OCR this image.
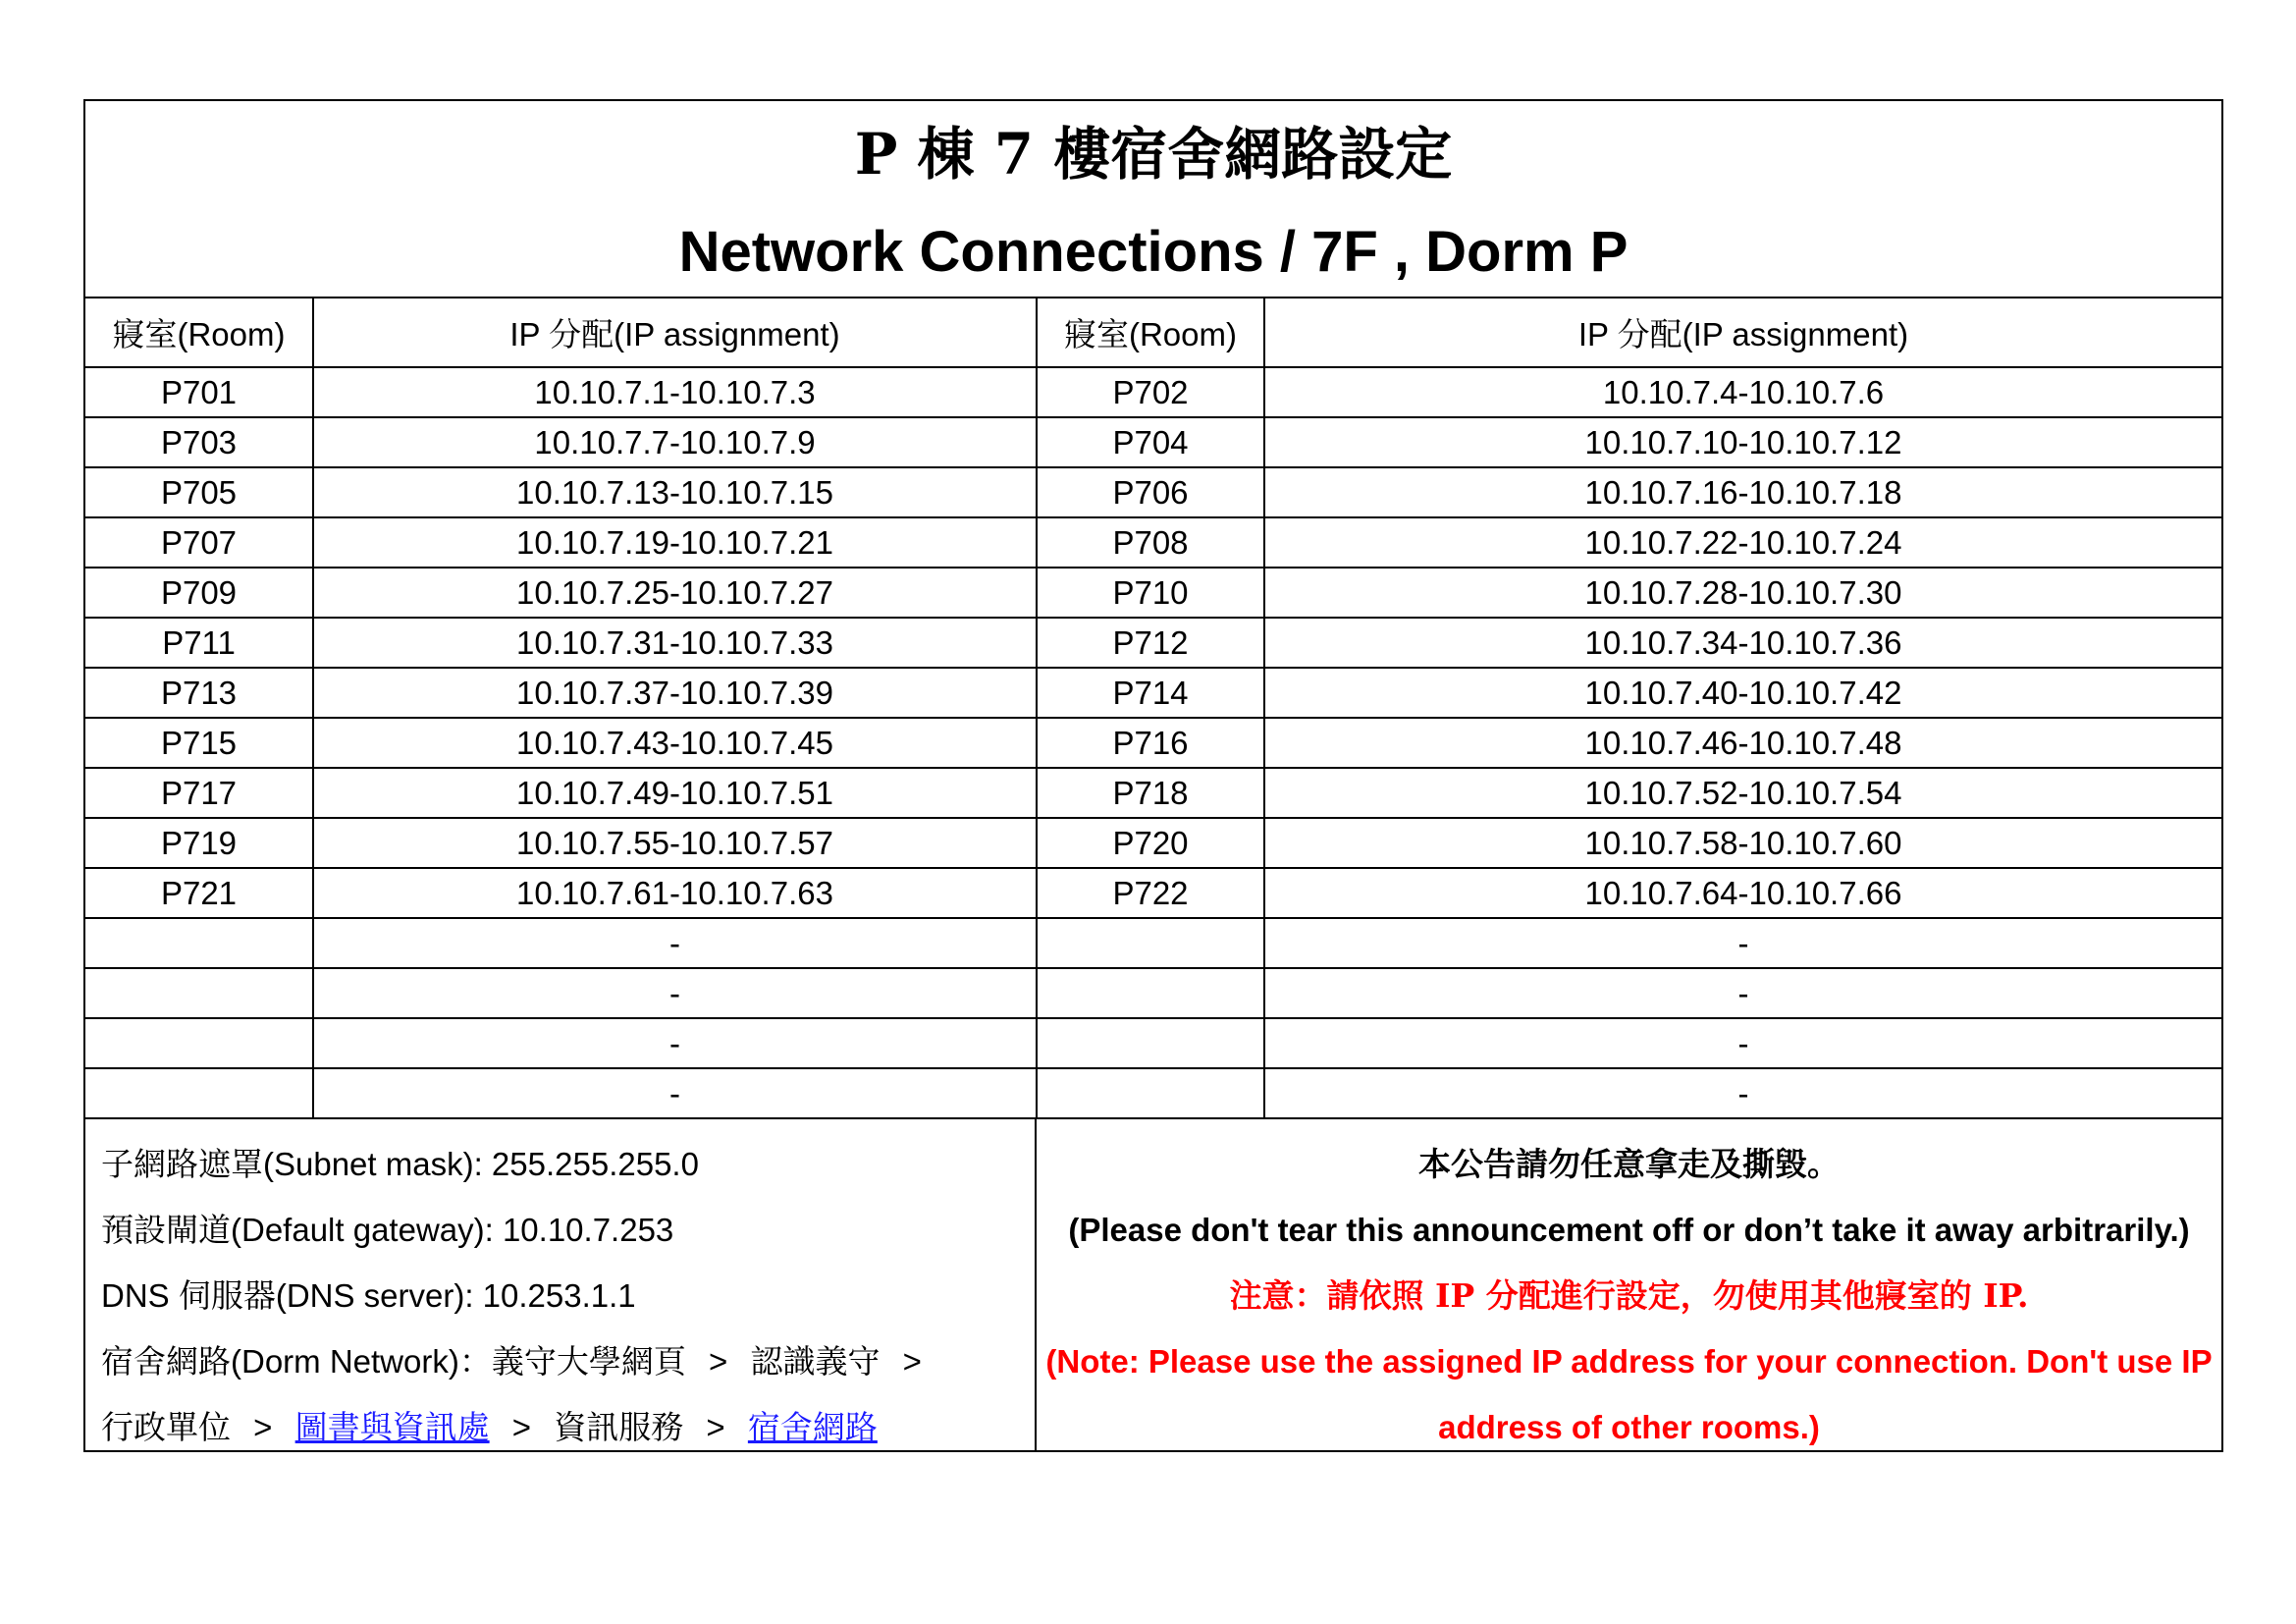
P 棟 7 樓宿舍網路設定
Network Connections / 7F , Dorm P
寢室(Room)	IP 分配(IP assignment)	寢室(Room)	IP 分配(IP assignment)
P701	10.10.7.1-10.10.7.3	P702	10.10.7.4-10.10.7.6
P703	10.10.7.7-10.10.7.9	P704	10.10.7.10-10.10.7.12
P705	10.10.7.13-10.10.7.15	P706	10.10.7.16-10.10.7.18
P707	10.10.7.19-10.10.7.21	P708	10.10.7.22-10.10.7.24
P709	10.10.7.25-10.10.7.27	P710	10.10.7.28-10.10.7.30
P711	10.10.7.31-10.10.7.33	P712	10.10.7.34-10.10.7.36
P713	10.10.7.37-10.10.7.39	P714	10.10.7.40-10.10.7.42
P715	10.10.7.43-10.10.7.45	P716	10.10.7.46-10.10.7.48
P717	10.10.7.49-10.10.7.51	P718	10.10.7.52-10.10.7.54
P719	10.10.7.55-10.10.7.57	P720	10.10.7.58-10.10.7.60
P721	10.10.7.61-10.10.7.63	P722	10.10.7.64-10.10.7.66
	-		-
	-		-
	-		-
	-		-
子網路遮罩(Subnet mask): 255.255.255.0
預設閘道(Default gateway): 10.10.7.253
DNS 伺服器(DNS server): 10.253.1.1
宿舍網路(Dorm Network)：義守大學網頁 > 認識義守 >
行政單位 > 圖書與資訊處 > 資訊服務 > 宿舍網路
本公告請勿任意拿走及撕毀。
(Please don't tear this announcement off or don’t take it away arbitrarily.)
注意：請依照 IP 分配進行設定，勿使用其他寢室的 IP.
(Note: Please use the assigned IP address for your connection. Don't use IP
address of other rooms.)
